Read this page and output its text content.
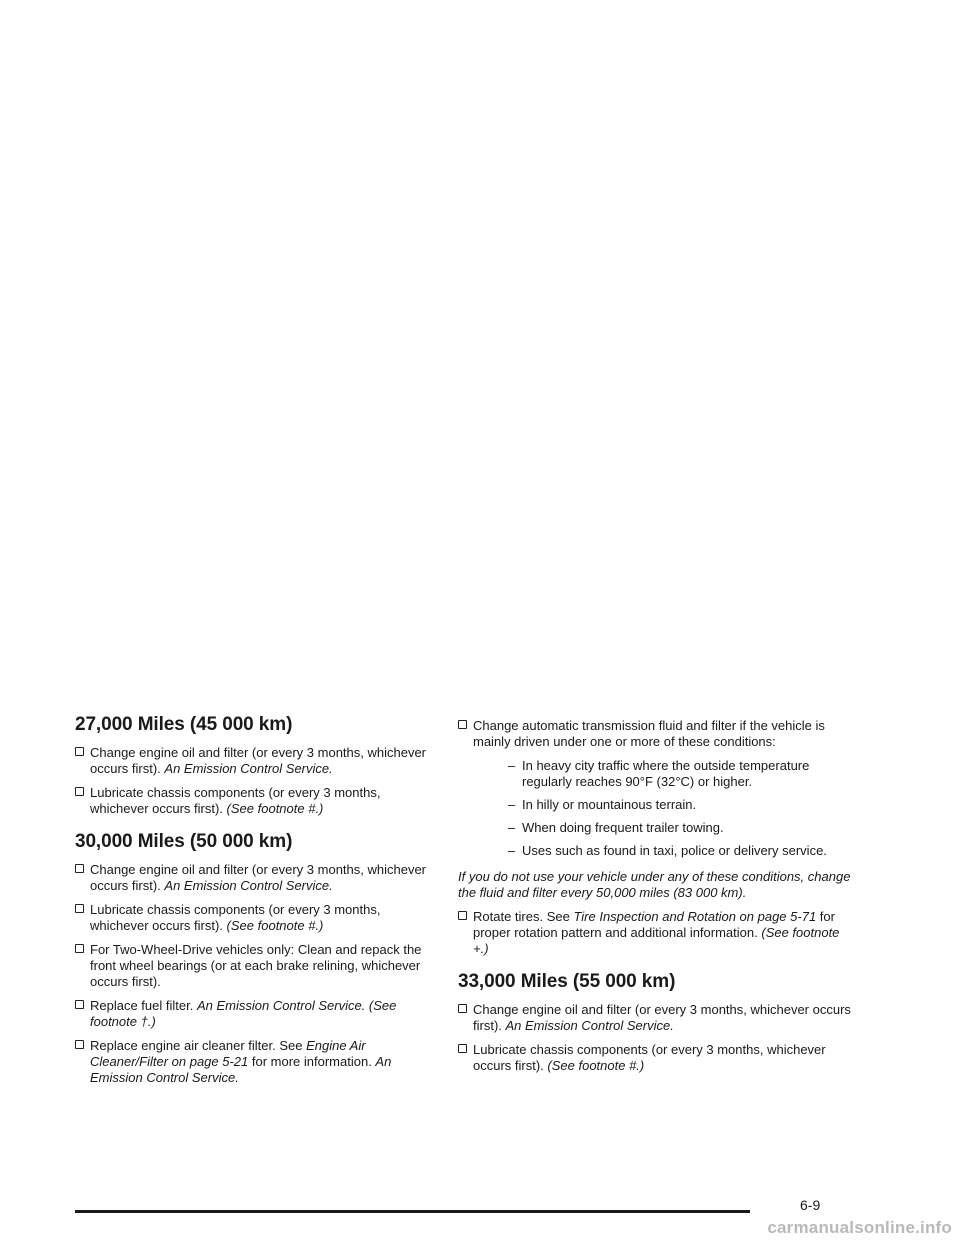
27,000 Miles (45 000 km)
Change engine oil and filter (or every 3 months, whichever occurs first). An Emission Control Service.
Lubricate chassis components (or every 3 months, whichever occurs first). (See footnote #.)
30,000 Miles (50 000 km)
Change engine oil and filter (or every 3 months, whichever occurs first). An Emission Control Service.
Lubricate chassis components (or every 3 months, whichever occurs first). (See footnote #.)
For Two-Wheel-Drive vehicles only: Clean and repack the front wheel bearings (or at each brake relining, whichever occurs first).
Replace fuel filter. An Emission Control Service. (See footnote †.)
Replace engine air cleaner filter. See Engine Air Cleaner/Filter on page 5-21 for more information. An Emission Control Service.
Change automatic transmission fluid and filter if the vehicle is mainly driven under one or more of these conditions:
– In heavy city traffic where the outside temperature regularly reaches 90°F (32°C) or higher.
– In hilly or mountainous terrain.
– When doing frequent trailer towing.
– Uses such as found in taxi, police or delivery service.
If you do not use your vehicle under any of these conditions, change the fluid and filter every 50,000 miles (83 000 km).
Rotate tires. See Tire Inspection and Rotation on page 5-71 for proper rotation pattern and additional information. (See footnote +.)
33,000 Miles (55 000 km)
Change engine oil and filter (or every 3 months, whichever occurs first). An Emission Control Service.
Lubricate chassis components (or every 3 months, whichever occurs first). (See footnote #.)
6-9
carmanualsonline.info
